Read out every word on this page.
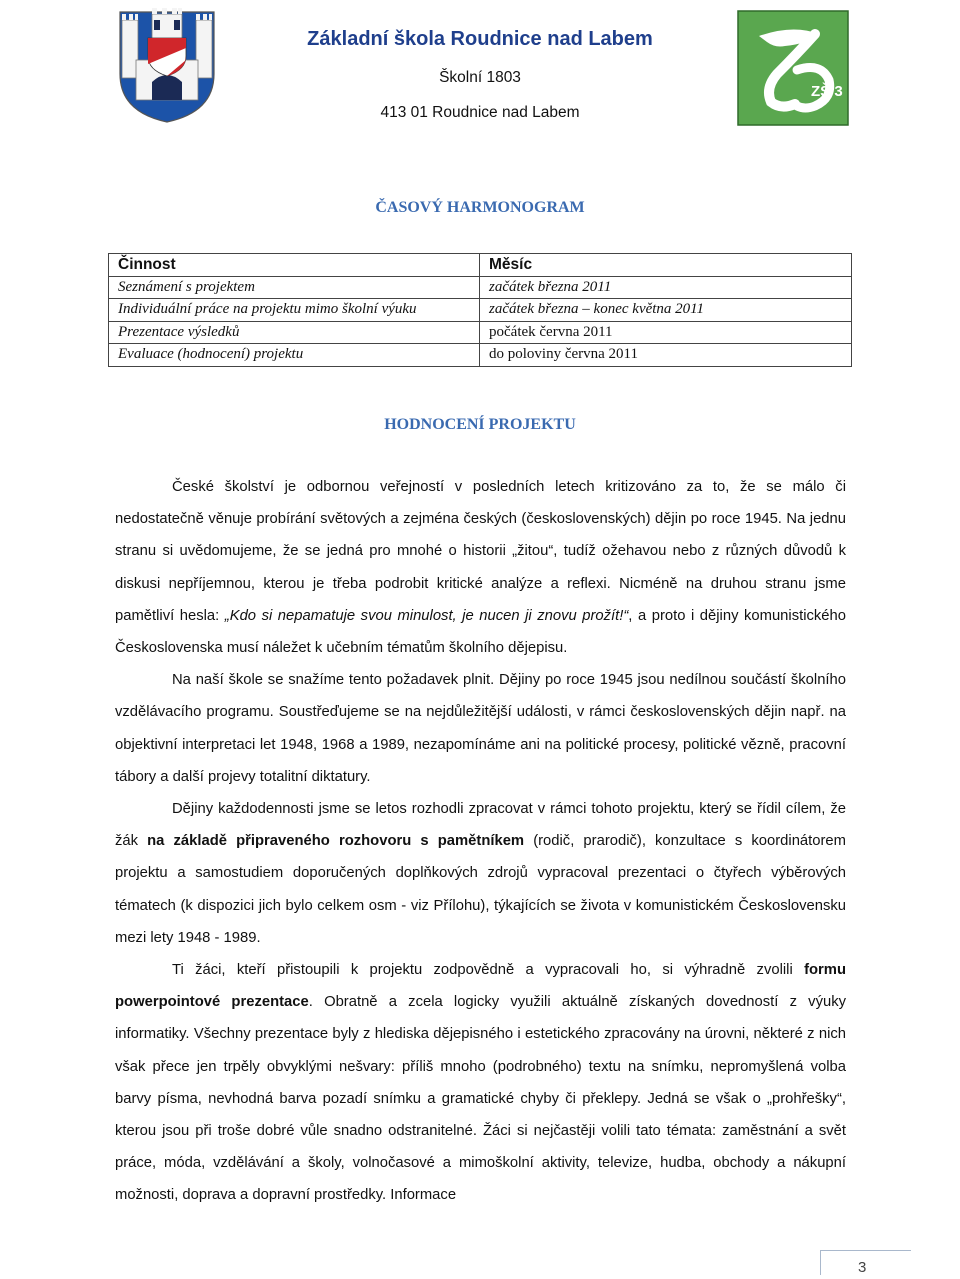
ZŠ 3
Základní škola Roudnice nad Labem
Školní 1803
413 01 Roudnice nad Labem
ČASOVÝ HARMONOGRAM
Činnost	Měsíc
Seznámení s projektem	začátek března 2011
Individuální práce na projektu mimo školní výuku	začátek března – konec května 2011
Prezentace výsledků	počátek června 2011
Evaluace (hodnocení) projektu	do poloviny června 2011
HODNOCENÍ PROJEKTU

České školství je odbornou veřejností v posledních letech kritizováno za to, že se málo či nedostatečně věnuje probírání světových a zejména českých (československých) dějin po roce 1945. Na jednu stranu si uvědomujeme, že se jedná pro mnohé o historii „žitou“, tudíž ožehavou nebo z různých důvodů k diskusi nepříjemnou, kterou je třeba podrobit kritické analýze a reflexi. Nicméně na druhou stranu jsme pamětliví hesla: „Kdo si nepamatuje svou minulost, je nucen ji znovu prožít!“, a proto i dějiny komunistického Československa musí náležet k učebním tématům školního dějepisu.

Na naší škole se snažíme tento požadavek plnit. Dějiny po roce 1945 jsou nedílnou součástí školního vzdělávacího programu. Soustřeďujeme se na nejdůležitější události, v rámci československých dějin např. na objektivní interpretaci let 1948, 1968 a 1989, nezapomínáme ani na politické procesy, politické vězně, pracovní tábory a další projevy totalitní diktatury.

Dějiny každodennosti jsme se letos rozhodli zpracovat v rámci tohoto projektu, který se řídil cílem, že žák na základě připraveného rozhovoru s pamětníkem (rodič, prarodič), konzultace s koordinátorem projektu a samostudiem doporučených doplňkových zdrojů vypracoval prezentaci o čtyřech výběrových tématech (k dispozici jich bylo celkem osm - viz Přílohu), týkajících se života v komunistickém Československu mezi lety 1948 - 1989.

Ti žáci, kteří přistoupili k projektu zodpovědně a vypracovali ho, si výhradně zvolili formu powerpointové prezentace. Obratně a zcela logicky využili aktuálně získaných dovedností z výuky informatiky. Všechny prezentace byly z hlediska dějepisného i estetického zpracovány na úrovni, některé z nich však přece jen trpěly obvyklými nešvary: příliš mnoho (podrobného) textu na snímku, nepromyšlená volba barvy písma, nevhodná barva pozadí snímku a gramatické chyby či překlepy. Jedná se však o „prohřešky“, kterou jsou při troše dobré vůle snadno odstranitelné. Žáci si nejčastěji volili tato témata: zaměstnání a svět práce, móda, vzdělávání a školy, volnočasové a mimoškolní aktivity, televize, hudba, obchody a nákupní možnosti, doprava a dopravní prostředky. Informace

3
